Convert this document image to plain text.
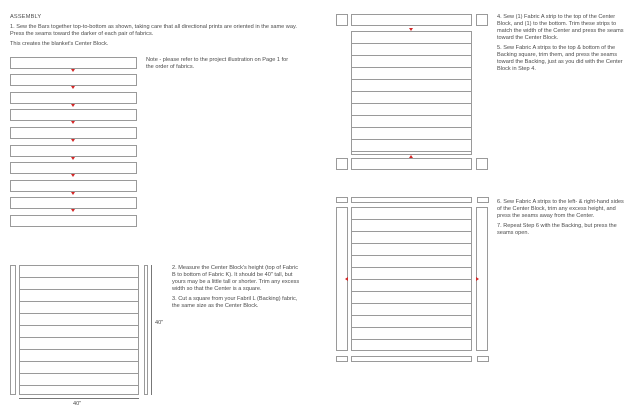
ASSEMBLY

1. Sew the Bars together top-to-bottom as shown, taking care that all directional prints are oriented in the same way. Press the seams toward the darker of each pair of fabrics.

This creates the blanket's Center Block.

Note - please refer to the project illustration on Page 1 for the order of fabrics.
40"
40"

2. Measure the Center Block's height (top of Fabric B to bottom of Fabric K). It should be 40" tall, but yours may be a little tall or shorter. Trim any excess width so that the Center is a square.

3. Cut a square from your Fabril L (Backing) fabric, the same size as the Center Block.

4. Sew (1) Fabric A strip to the top of the Center Block, and (1) to the bottom. Trim these strips to match the width of the Center and press the seams toward the Center Block.

5. Sew Fabric A strips to the top & bottom of the Backing square, trim them, and press the seams toward the Backing, just as you did with the Center Block in Step 4.

6. Sew Fabric A strips to the left- & right-hand sides of the Center Block, trim any excess height, and press the seams away from the Center.

7. Repeat Step 6 with the Backing, but press the seams open.
